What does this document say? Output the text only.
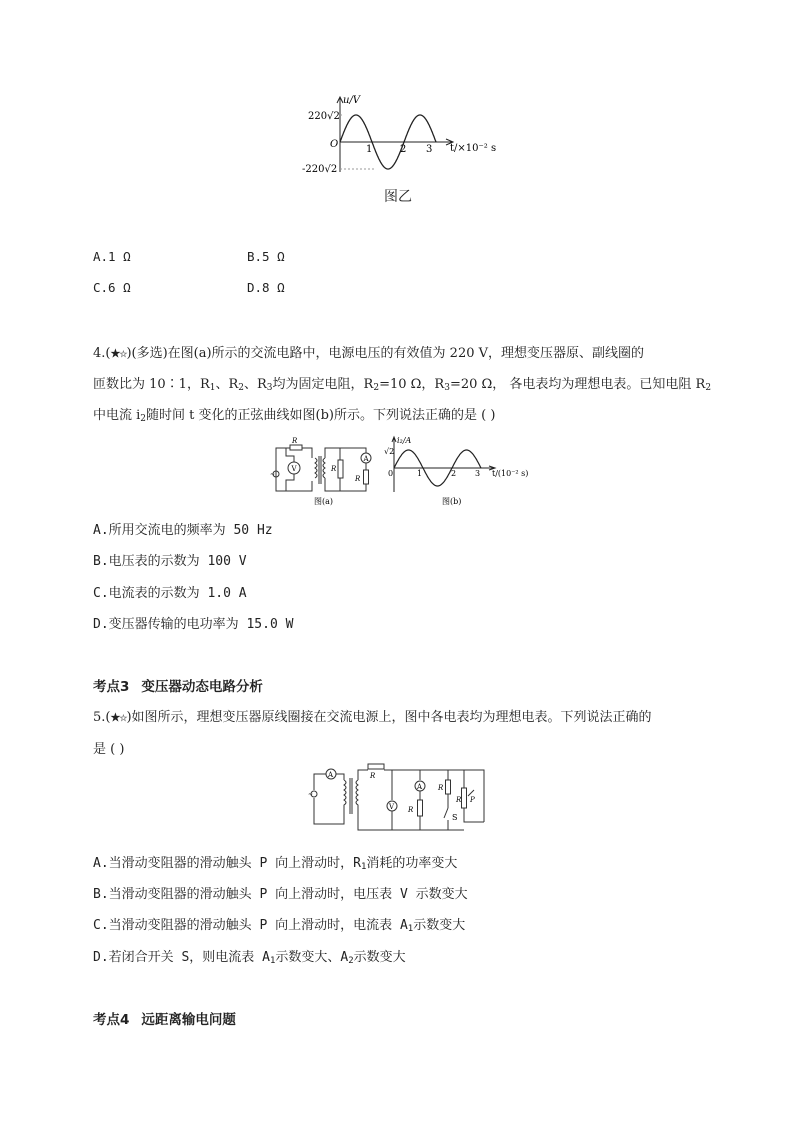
u/V
220√2
-220√2
O	1	2 3 t/×10⁻² s
图乙
A.1 Ω	B.5 Ω
C.6 Ω	D.8 Ω
4.(★☆)(多选)在图(a)所示的交流电路中，电源电压的有效值为 220 V，理想变压器原、副线圈的
匝数比为 10∶1，$R_1$、$R_2$、$R_3$均为固定电阻，$R_2=10$ Ω，$R_3=20$ Ω， 各电表均为理想电表。已知电阻 $R_2$
中电流 $i_2$随时间 t 变化的正弦曲线如图(b)所示。下列说法正确的是 ( )
R
V	R
A
R
~
图(a)
i₂/A
√2
0	1	2 3 t/(10⁻² s)
图(b)
A.所用交流电的频率为 50 Hz
B.电压表的示数为 100 V
C.电流表的示数为 1.0 A
D.变压器传输的电功率为 15.0 W
考点3 变压器动态电路分析
5.(★☆)如图所示，理想变压器原线圈接在交流电源上，图中各电表均为理想电表。下列说法正确的
是 ( )
A	R
V
A
R
R
S
R P
~
A.当滑动变阻器的滑动触头 P 向上滑动时，$R_1$消耗的功率变大
B.当滑动变阻器的滑动触头 P 向上滑动时，电压表 V 示数变大
C.当滑动变阻器的滑动触头 P 向上滑动时，电流表 $A_1$示数变大
D.若闭合开关 S，则电流表 $A_1$示数变大、$A_2$示数变大
考点4 远距离输电问题
